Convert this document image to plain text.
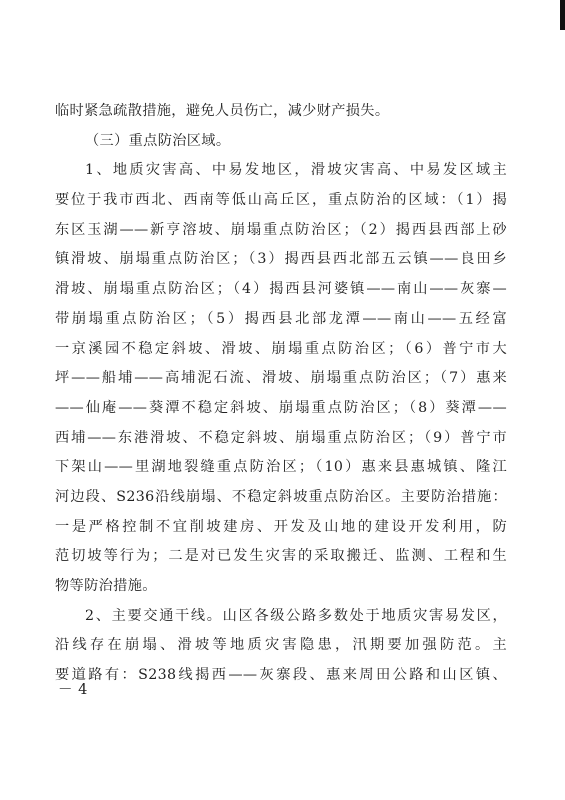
临时紧急疏散措施，避免人员伤亡，减少财产损失。
（三）重点防治区域。
1、地质灾害高、中易发地区，滑坡灾害高、中易发区域主
要位于我市西北、西南等低山高丘区，重点防治的区域：（1）揭
东区玉湖——新亨溶坡、崩塌重点防治区；（2）揭西县西部上砂
镇滑坡、崩塌重点防治区；（3）揭西县西北部五云镇——良田乡
滑坡、崩塌重点防治区；（4）揭西县河婆镇——南山——灰寨—
带崩塌重点防治区；（5）揭西县北部龙潭——南山——五经富
一京溪园不稳定斜坡、滑坡、崩塌重点防治区；（6）普宁市大
坪——船埔——高埔泥石流、滑坡、崩塌重点防治区；（7）惠来
——仙庵——葵潭不稳定斜坡、崩塌重点防治区；（8）葵潭——
西埔——东港滑坡、不稳定斜坡、崩塌重点防治区；（9）普宁市
下架山——里湖地裂缝重点防治区；（10）惠来县惠城镇、隆江
河边段、S236沿线崩塌、不稳定斜坡重点防治区。主要防治措施：
一是严格控制不宜削坡建房、开发及山地的建设开发利用，防
范切坡等行为；二是对已发生灾害的采取搬迁、监测、工程和生
物等防治措施。
2、主要交通干线。山区各级公路多数处于地质灾害易发区，
沿线存在崩塌、滑坡等地质灾害隐患，汛期要加强防范。主
要道路有：S238线揭西——灰寨段、惠来周田公路和山区镇、
－ 4
